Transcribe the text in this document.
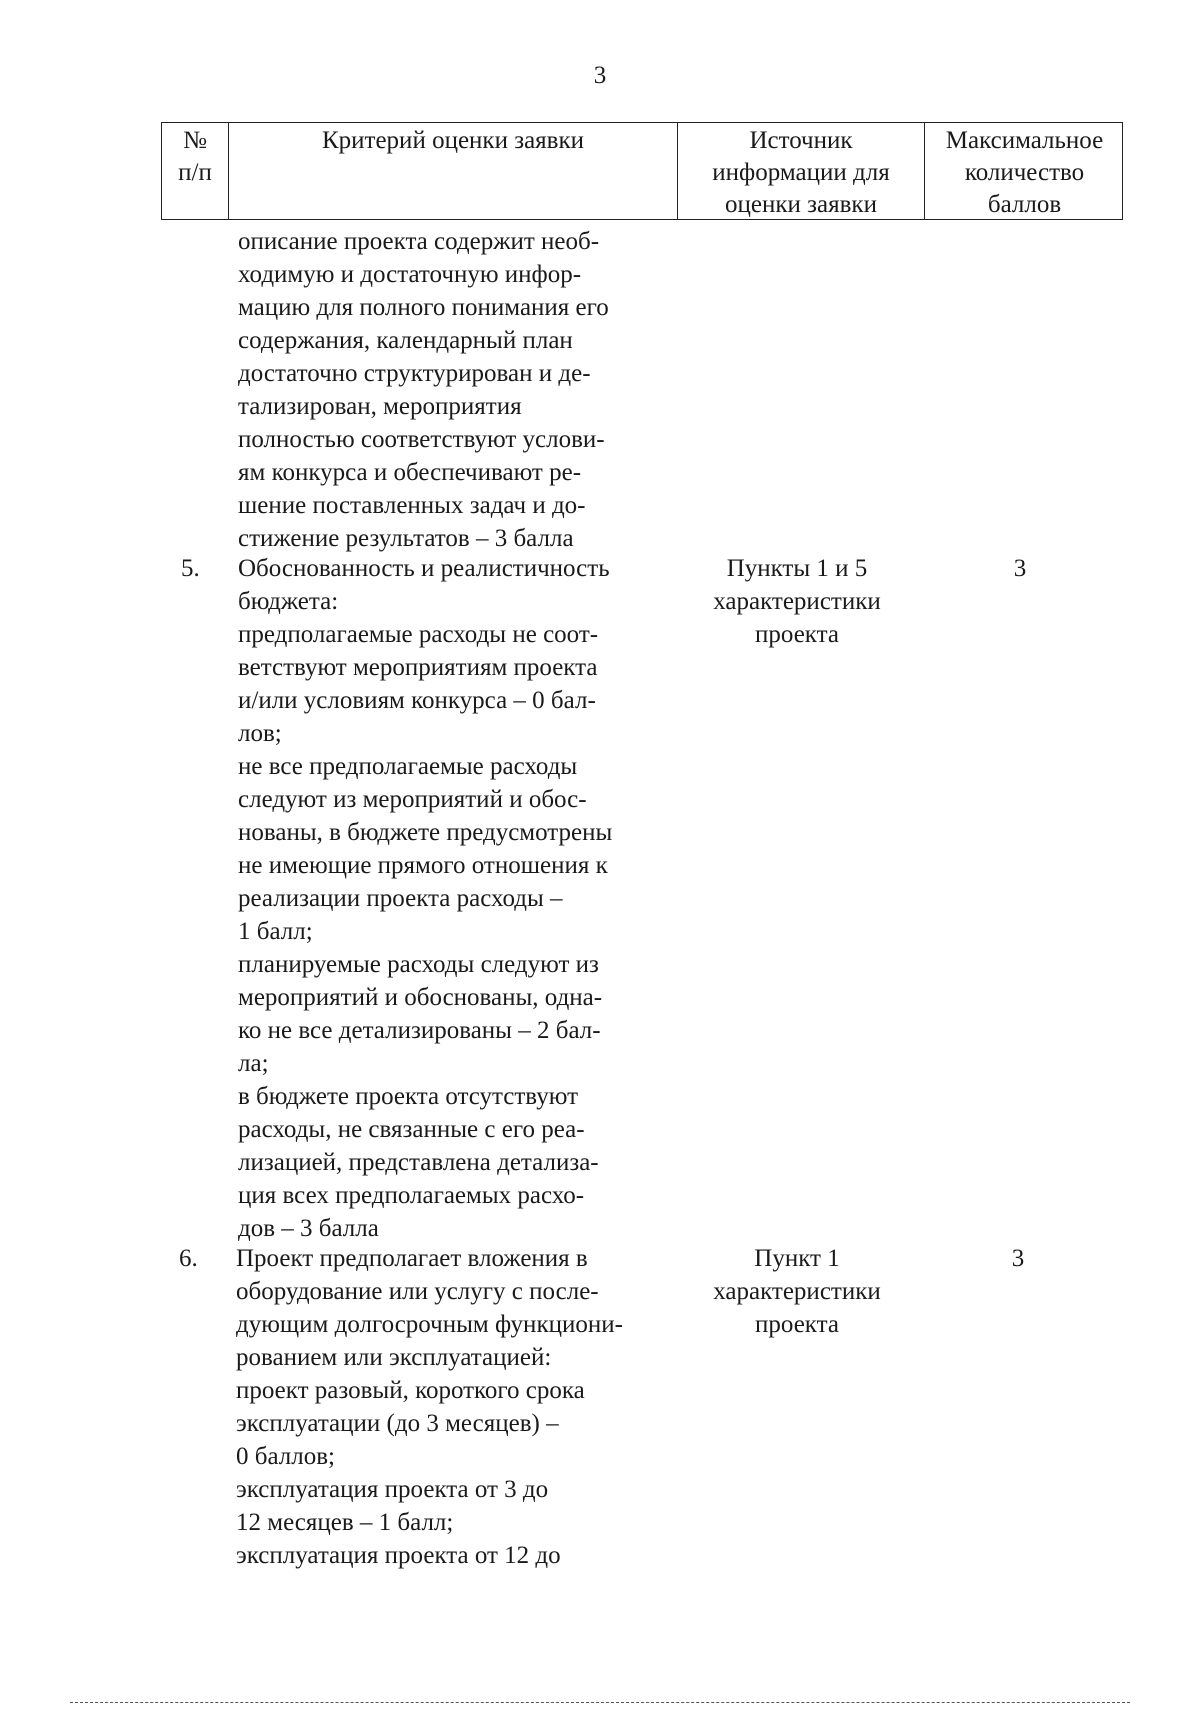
3
№
п/п
Критерий оценки заявки	Источник
информации для
оценки заявки
Максимальное
количество
баллов
описание проекта содержит необ-
ходимую и достаточную инфор-
мацию для полного понимания его
содержания, календарный план
достаточно структурирован и де-
тализирован, мероприятия
полностью соответствуют услови-
ям конкурса и обеспечивают ре-
шение поставленных задач и до-
стижение результатов – 3 балла
5. Обоснованность и реалистичность
бюджета:
предполагаемые расходы не соот-
ветствуют мероприятиям проекта
и/или условиям конкурса – 0 бал-
лов;
не все предполагаемые расходы
следуют из мероприятий и обос-
нованы, в бюджете предусмотрены
не имеющие прямого отношения к
реализации проекта расходы –
1 балл;
планируемые расходы следуют из
мероприятий и обоснованы, одна-
ко не все детализированы – 2 бал-
ла;
в бюджете проекта отсутствуют
расходы, не связанные с его реа-
лизацией, представлена детализа-
ция всех предполагаемых расхо-
дов – 3 балла
Пункты 1 и 5
характеристики
проекта
3
6. Проект предполагает вложения в
оборудование или услугу с после-
дующим долгосрочным функциони-
рованием или эксплуатацией:
проект разовый, короткого срока
эксплуатации (до 3 месяцев) –
0 баллов;
эксплуатация проекта от 3 до
12 месяцев – 1 балл;
эксплуатация проекта от 12 до
Пункт 1
характеристики
проекта
3
